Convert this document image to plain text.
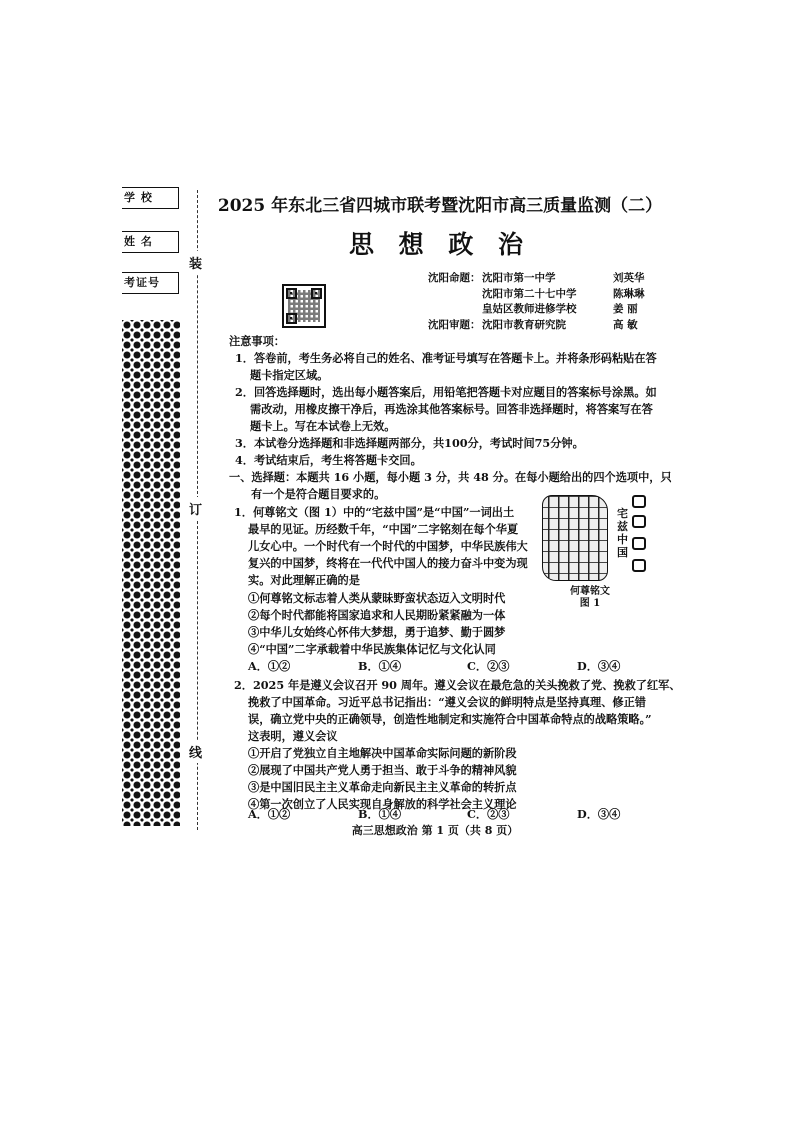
学 校
姓 名
考证号
装
订
线
2025 年东北三省四城市联考暨沈阳市高三质量监测（二）
思 想 政 治
沈阳命题： 沈阳市第一中学	刘英华
沈阳市第二十七中学	陈琳琳
皇姑区教师进修学校	姜 丽
沈阳审题： 沈阳市教育研究院	高 敏
注意事项：
1．答卷前，考生务必将自己的姓名、准考证号填写在答题卡上。并将条形码粘贴在答
题卡指定区域。
2．回答选择题时，选出每小题答案后，用铅笔把答题卡对应题目的答案标号涂黑。如
需改动，用橡皮擦干净后，再选涂其他答案标号。回答非选择题时，将答案写在答
题卡上。写在本试卷上无效。
3．本试卷分选择题和非选择题两部分，共100分，考试时间75分钟。
4．考试结束后，考生将答题卡交回。
一、选择题：本题共 16 小题，每小题 3 分，共 48 分。在每小题给出的四个选项中，只
有一个是符合题目要求的。
1．何尊铭文（图 1）中的“宅兹中国”是“中国”一词出土
最早的见证。历经数千年，“中国”二字铭刻在每个华夏
儿女心中。一个时代有一个时代的中国梦，中华民族伟大
复兴的中国梦，终将在一代代中国人的接力奋斗中变为现
实。对此理解正确的是
①何尊铭文标志着人类从蒙昧野蛮状态迈入文明时代
②每个时代都能将国家追求和人民期盼紧紧融为一体
③中华儿女始终心怀伟大梦想，勇于追梦、勤于圆梦
④“中国”二字承载着中华民族集体记忆与文化认同
A．①②	B．①④	C．②③	D．③④
宅兹中国
何尊铭文
图 1
2．2025 年是遵义会议召开 90 周年。遵义会议在最危急的关头挽救了党、挽救了红军、
挽救了中国革命。习近平总书记指出：“遵义会议的鲜明特点是坚持真理、修正错
误，确立党中央的正确领导，创造性地制定和实施符合中国革命特点的战略策略。”
这表明，遵义会议
①开启了党独立自主地解决中国革命实际问题的新阶段
②展现了中国共产党人勇于担当、敢于斗争的精神风貌
③是中国旧民主主义革命走向新民主主义革命的转折点
④第一次创立了人民实现自身解放的科学社会主义理论
A．①②	B．①④	C．②③	D．③④
高三思想政治 第 1 页（共 8 页）
